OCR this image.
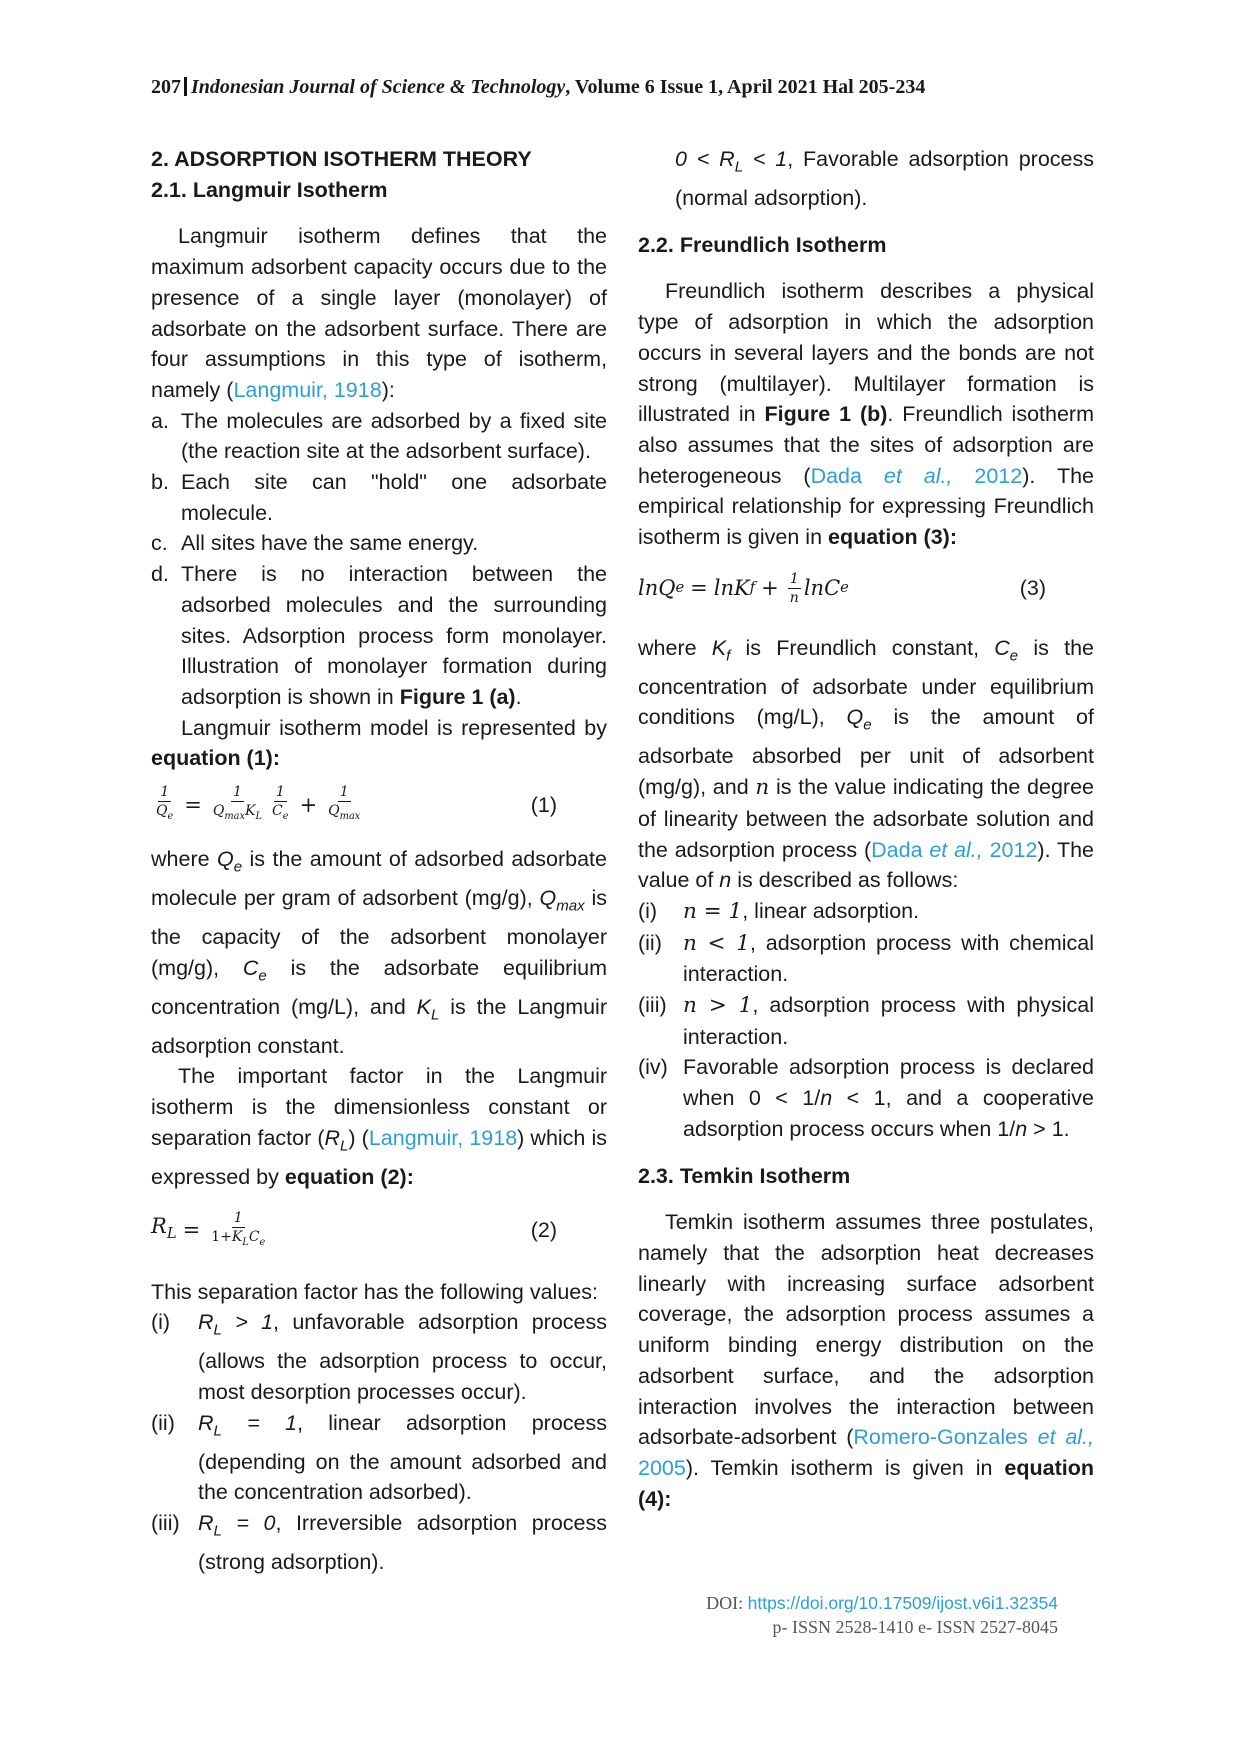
207 Indonesian Journal of Science & Technology, Volume 6 Issue 1, April 2021 Hal 205-234

2. ADSORPTION ISOTHERM THEORY

2.1. Langmuir Isotherm

Langmuir isotherm defines that the maximum adsorbent capacity occurs due to the presence of a single layer (monolayer) of adsorbate on the adsorbent surface. There are four assumptions in this type of isotherm, namely (Langmuir, 1918):

a. The molecules are adsorbed by a fixed site (the reaction site at the adsorbent surface).
b. Each site can "hold" one adsorbate molecule.
c. All sites have the same energy.
d. There is no interaction between the adsorbed molecules and the surrounding sites. Adsorption process form monolayer. Illustration of monolayer formation during adsorption is shown in Figure 1 (a).

Langmuir isotherm model is represented by equation (1):

$\frac{1}{Q_e} = \frac{1}{Q_{max}K_L} \frac{1}{C_e} + \frac{1}{Q_{max}}$	(1)

where $Q_e$ is the amount of adsorbed adsorbate molecule per gram of adsorbent (mg/g), $Q_{max}$ is the capacity of the adsorbent monolayer (mg/g), $C_e$ is the adsorbate equilibrium concentration (mg/L), and $K_L$ is the Langmuir adsorption constant.

The important factor in the Langmuir isotherm is the dimensionless constant or separation factor $(R_L)$ (Langmuir, 1918) which is expressed by equation (2):

$R_L = \frac{1}{1+K_LC_e}$	(2)

This separation factor has the following values:

(i)	$R_L > 1$, unfavorable adsorption process (allows the adsorption process to occur, most desorption processes occur).
(ii)	$R_L = 1$, linear adsorption process (depending on the amount adsorbed and the concentration adsorbed).
(iii) $R_L = 0$, Irreversible adsorption process (strong adsorption).
$0 < R_L < 1$, Favorable adsorption process (normal adsorption).

2.2. Freundlich Isotherm

Freundlich isotherm describes a physical type of adsorption in which the adsorption occurs in several layers and the bonds are not strong (multilayer). Multilayer formation is illustrated in Figure 1 (b). Freundlich isotherm also assumes that the sites of adsorption are heterogeneous (Dada et al., 2012). The empirical relationship for expressing Freundlich isotherm is given in equation (3):

ln Q e = ln K $f + \frac{1}{n}$ ln C e	(3)

where $K_f$ is Freundlich constant, $C_e$ is the concentration of adsorbate under equilibrium conditions (mg/L), $Q_e$ is the amount of adsorbate absorbed per unit of adsorbent (mg/g), and n is the value indicating the degree of linearity between the adsorbate solution and the adsorption process (Dada et al., 2012). The value of n is described as follows:

(i)	n = 1, linear adsorption.
(ii) n < 1, adsorption process with chemical interaction.
(iii) n > 1, adsorption process with physical interaction.
(iv) Favorable adsorption process is declared when 0 < 1/n < 1, and a cooperative adsorption process occurs when 1/n > 1.

2.3. Temkin Isotherm

Temkin isotherm assumes three postulates, namely that the adsorption heat decreases linearly with increasing surface adsorbent coverage, the adsorption process assumes a uniform binding energy distribution on the adsorbent surface, and the adsorption interaction involves the interaction between adsorbate-adsorbent (Romero-Gonzales et al., 2005). Temkin isotherm is given in equation (4):

DOI: https://doi.org/10.17509/ijost.v6i1.32354
p- ISSN 2528-1410 e- ISSN 2527-8045
